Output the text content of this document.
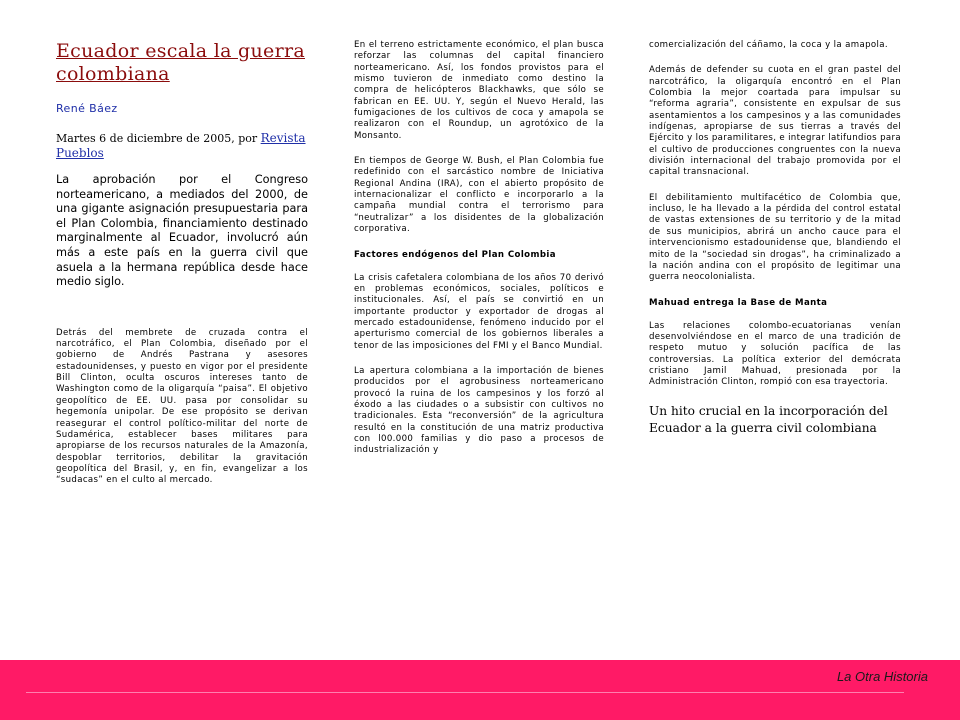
Ecuador escala la guerra colombiana
René Báez
Martes 6 de diciembre de 2005, por Revista Pueblos

La aprobación por el Congreso norteamericano, a mediados del 2000, de una gigante asignación presupuestaria para el Plan Colombia, financiamiento destinado marginalmente al Ecuador, involucró aún más a este país en la guerra civil que asuela a la hermana república desde hace medio siglo.

Detrás del membrete de cruzada contra el narcotráfico, el Plan Colombia, diseñado por el gobierno de Andrés Pastrana y asesores estadounidenses, y puesto en vigor por el presidente Bill Clinton, oculta oscuros intereses tanto de Washington como de la oligarquía “paisa”. El objetivo geopolítico de EE. UU. pasa por consolidar su hegemonía unipolar. De ese propósito se derivan reasegurar el control político-militar del norte de Sudamérica, establecer bases militares para apropiarse de los recursos naturales de la Amazonía, despoblar territorios, debilitar la gravitación geopolítica del Brasil, y, en fin, evangelizar a los “sudacas” en el culto al mercado.

En el terreno estrictamente económico, el plan busca reforzar las columnas del capital financiero norteamericano. Así, los fondos provistos para el mismo tuvieron de inmediato como destino la compra de helicópteros Blackhawks, que sólo se fabrican en EE. UU. Y, según el Nuevo Herald, las fumigaciones de los cultivos de coca y amapola se realizaron con el Roundup, un agrotóxico de la Monsanto.

En tiempos de George W. Bush, el Plan Colombia fue redefinido con el sarcástico nombre de Iniciativa Regional Andina (IRA), con el abierto propósito de internacionalizar el conflicto e incorporarlo a la campaña mundial contra el terrorismo para “neutralizar” a los disidentes de la globalización corporativa.

Factores endógenos del Plan Colombia

La crisis cafetalera colombiana de los años 70 derivó en problemas económicos, sociales, políticos e institucionales. Así, el país se convirtió en un importante productor y exportador de drogas al mercado estadounidense, fenómeno inducido por el aperturismo comercial de los gobiernos liberales a tenor de las imposiciones del FMI y el Banco Mundial.

La apertura colombiana a la importación de bienes producidos por el agrobusiness norteamericano provocó la ruina de los campesinos y los forzó al éxodo a las ciudades o a subsistir con cultivos no tradicionales. Esta “reconversión” de la agricultura resultó en la constitución de una matriz productiva con l00.000 familias y dio paso a procesos de industrialización y

comercialización del cáñamo, la coca y la amapola.

Además de defender su cuota en el gran pastel del narcotráfico, la oligarquía encontró en el Plan Colombia la mejor coartada para impulsar su “reforma agraria”, consistente en expulsar de sus asentamientos a los campesinos y a las comunidades indígenas, apropiarse de sus tierras a través del Ejército y los paramilitares, e integrar latifundios para el cultivo de producciones congruentes con la nueva división internacional del trabajo promovida por el capital transnacional.

El debilitamiento multifacético de Colombia que, incluso, le ha llevado a la pérdida del control estatal de vastas extensiones de su territorio y de la mitad de sus municipios, abrirá un ancho cauce para el intervencionismo estadounidense que, blandiendo el mito de la “sociedad sin drogas”, ha criminalizado a la nación andina con el propósito de legitimar una guerra neocolonialista.

Mahuad entrega la Base de Manta

Las relaciones colombo-ecuatorianas venían desenvolviéndose en el marco de una tradición de respeto mutuo y solución pacífica de las controversias. La política exterior del demócrata cristiano Jamil Mahuad, presionada por la Administración Clinton, rompió con esa trayectoria.

Un hito crucial en la incorporación del Ecuador a la guerra civil colombiana

La Otra Historia
